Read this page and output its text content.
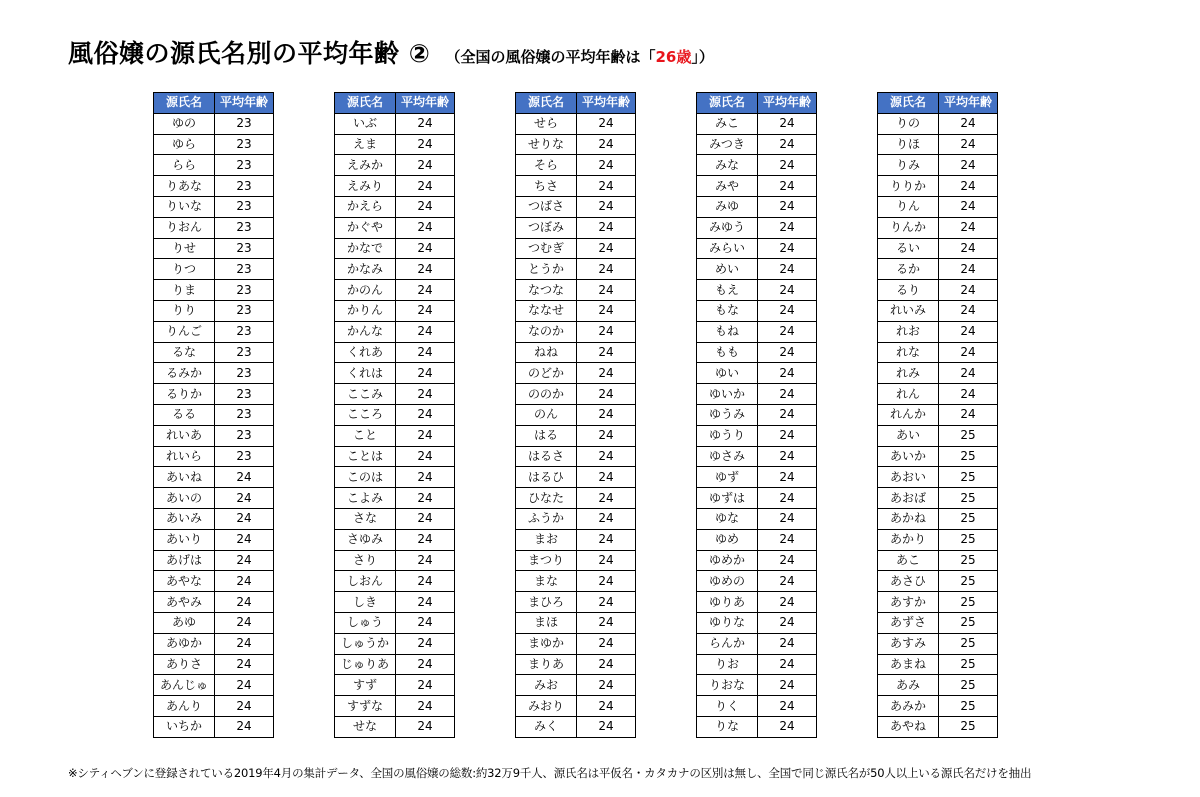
風俗嬢の源氏名別の平均年齢 ② （全国の風俗嬢の平均年齢は「26歳」）
源氏名	平均年齢
ゆの	23
ゆら	23
らら	23
りあな	23
りいな	23
りおん	23
りせ	23
りつ	23
りま	23
りり	23
りんご	23
るな	23
るみか	23
るりか	23
るる	23
れいあ	23
れいら	23
あいね	24
あいの	24
あいみ	24
あいり	24
あげは	24
あやな	24
あやみ	24
あゆ	24
あゆか	24
ありさ	24
あんじゅ	24
あんり	24
いちか	24
源氏名	平均年齢
いぶ	24
えま	24
えみか	24
えみり	24
かえら	24
かぐや	24
かなで	24
かなみ	24
かのん	24
かりん	24
かんな	24
くれあ	24
くれは	24
ここみ	24
こころ	24
こと	24
ことは	24
このは	24
こよみ	24
さな	24
さゆみ	24
さり	24
しおん	24
しき	24
しゅう	24
しゅうか	24
じゅりあ	24
すず	24
すずな	24
せな	24
源氏名	平均年齢
せら	24
せりな	24
そら	24
ちさ	24
つばさ	24
つぼみ	24
つむぎ	24
とうか	24
なつな	24
ななせ	24
なのか	24
ねね	24
のどか	24
ののか	24
のん	24
はる	24
はるさ	24
はるひ	24
ひなた	24
ふうか	24
まお	24
まつり	24
まな	24
まひろ	24
まほ	24
まゆか	24
まりあ	24
みお	24
みおり	24
みく	24
源氏名	平均年齢
みこ	24
みつき	24
みな	24
みや	24
みゆ	24
みゆう	24
みらい	24
めい	24
もえ	24
もな	24
もね	24
もも	24
ゆい	24
ゆいか	24
ゆうみ	24
ゆうり	24
ゆさみ	24
ゆず	24
ゆずは	24
ゆな	24
ゆめ	24
ゆめか	24
ゆめの	24
ゆりあ	24
ゆりな	24
らんか	24
りお	24
りおな	24
りく	24
りな	24
源氏名	平均年齢
りの	24
りほ	24
りみ	24
りりか	24
りん	24
りんか	24
るい	24
るか	24
るり	24
れいみ	24
れお	24
れな	24
れみ	24
れん	24
れんか	24
あい	25
あいか	25
あおい	25
あおば	25
あかね	25
あかり	25
あこ	25
あさひ	25
あすか	25
あずさ	25
あすみ	25
あまね	25
あみ	25
あみか	25
あやね	25
※シティヘブンに登録されている2019年4月の集計データ、全国の風俗嬢の総数:約32万9千人、源氏名は平仮名・カタカナの区別は無し、全国で同じ源氏名が50人以上いる源氏名だけを抽出
